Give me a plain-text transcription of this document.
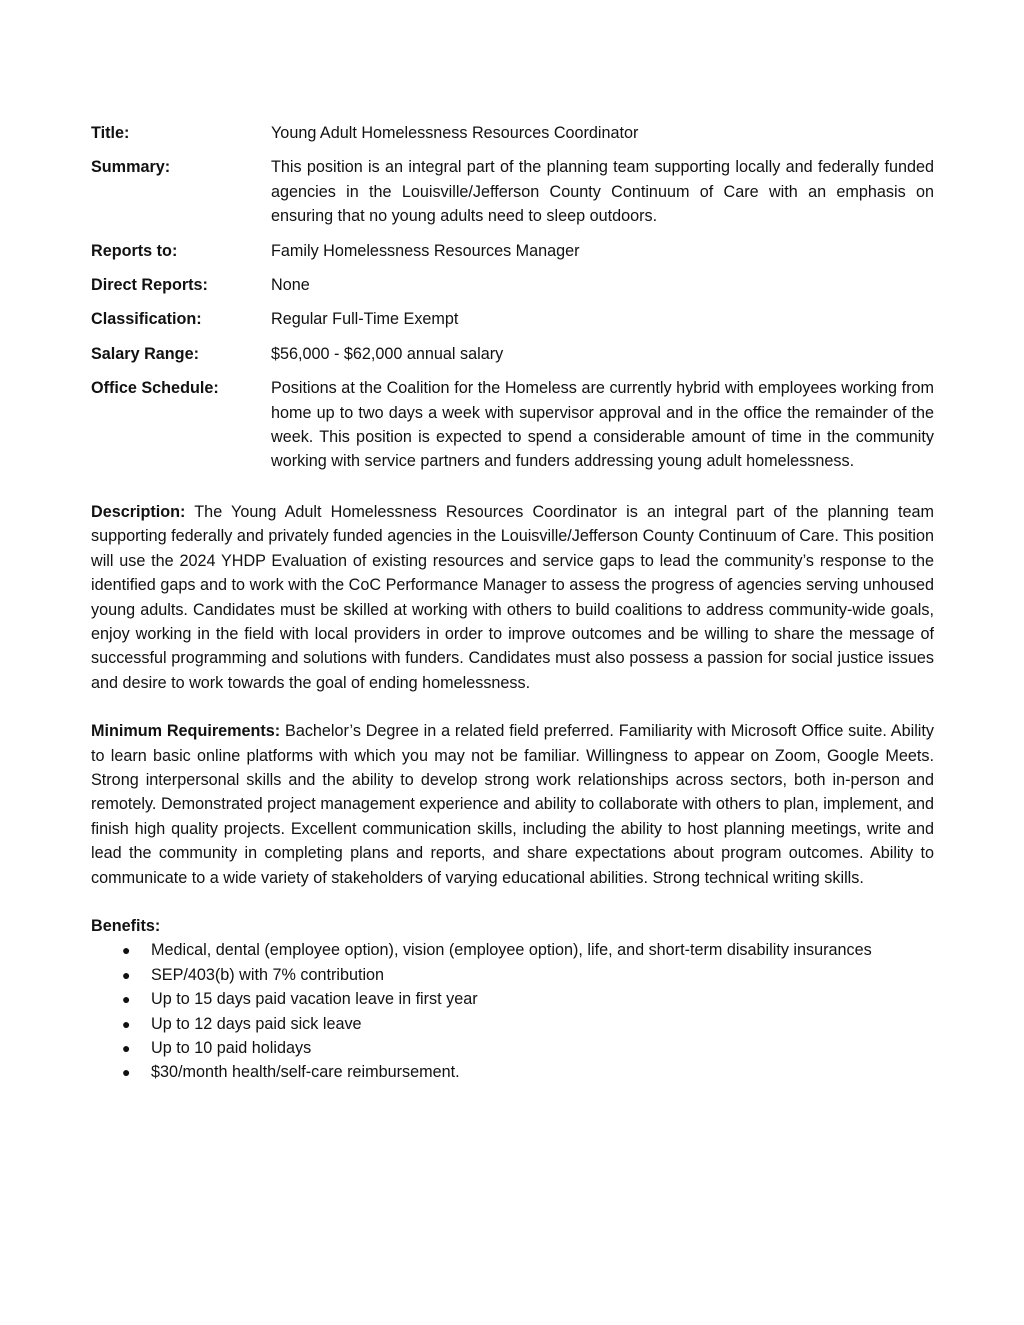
Title:	Young Adult Homelessness Resources Coordinator
Summary:	This position is an integral part of the planning team supporting locally and federally funded agencies in the Louisville/Jefferson County Continuum of Care with an emphasis on ensuring that no young adults need to sleep outdoors.
Reports to:	Family Homelessness Resources Manager
Direct Reports:	None
Classification:	Regular Full-Time Exempt
Salary Range:	$56,000 - $62,000 annual salary
Office Schedule:	Positions at the Coalition for the Homeless are currently hybrid with employees working from home up to two days a week with supervisor approval and in the office the remainder of the week. This position is expected to spend a considerable amount of time in the community working with service partners and funders addressing young adult homelessness.

Description: The Young Adult Homelessness Resources Coordinator is an integral part of the planning team supporting federally and privately funded agencies in the Louisville/Jefferson County Continuum of Care. This position will use the 2024 YHDP Evaluation of existing resources and service gaps to lead the community’s response to the identified gaps and to work with the CoC Performance Manager to assess the progress of agencies serving unhoused young adults. Candidates must be skilled at working with others to build coalitions to address community-wide goals, enjoy working in the field with local providers in order to improve outcomes and be willing to share the message of successful programming and solutions with funders. Candidates must also possess a passion for social justice issues and desire to work towards the goal of ending homelessness.

Minimum Requirements: Bachelor’s Degree in a related field preferred. Familiarity with Microsoft Office suite. Ability to learn basic online platforms with which you may not be familiar. Willingness to appear on Zoom, Google Meets. Strong interpersonal skills and the ability to develop strong work relationships across sectors, both in-person and remotely. Demonstrated project management experience and ability to collaborate with others to plan, implement, and finish high quality projects. Excellent communication skills, including the ability to host planning meetings, write and lead the community in completing plans and reports, and share expectations about program outcomes. Ability to communicate to a wide variety of stakeholders of varying educational abilities. Strong technical writing skills.

Benefits:
● Medical, dental (employee option), vision (employee option), life, and short-term disability insurances
● SEP/403(b) with 7% contribution
● Up to 15 days paid vacation leave in first year
● Up to 12 days paid sick leave
● Up to 10 paid holidays
● $30/month health/self-care reimbursement.
